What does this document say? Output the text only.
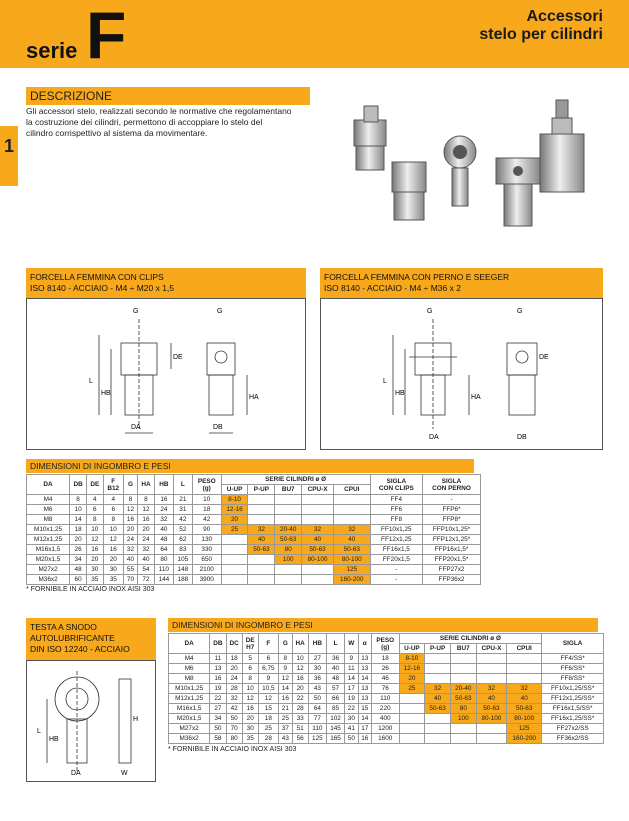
serie F	Accessori
stelo per cilindri
1
DESCRIZIONE
Gli accessori stelo, realizzati secondo le normative che regolamentano
la costruzione dei cilindri, permettono di accoppiare lo stelo del
cilindro corrispettivo al sistema da movimentare.
FORCELLA FEMMINA CON CLIPS
ISO 8140 - ACCIAIO - M4 ÷ M20 x 1,5
G	G
L
HB
DE
HA
DA	DB
FORCELLA FEMMINA CON PERNO E SEEGER
ISO 8140 - ACCIAIO - M4 ÷ M36 x 2
G	G
L
HB
DE
HA
DA	DB
DIMENSIONI DI INGOMBRO E PESI
DA	DB	DE	F
B12	G	HA	HB	L	PESO
(g)	SERIE CILINDRI ø Ø					SIGLA
CON CLIPS	SIGLA
CON PERNO
									U-UP	P-UP	BU7	CPU-X	CPUI		
M4	8	4	4	8	8	16	21	10	8-10					FF4	-
M6	10	6	6	12	12	24	31	18	12-16					FF6	FFP6*
M8	14	8	8	16	16	32	42	42	20					FF8	FFP8*
M10x1,25	18	10	10	20	20	40	52	90	25	32	20-40	32	32	FF10x1,25	FFP10x1,25*
M12x1,25	20	12	12	24	24	48	62	130		40	50-63	40	40	FF12x1,25	FFP12x1,25*
M16x1,5	26	16	16	32	32	64	83	330		50-63	80	50-63	50-63	FF16x1,5	FFP16x1,5*
M20x1,5	34	20	20	40	40	80	105	650			100	80-100	80-100	FF20x1,5	FFP20x1,5*
M27x2	48	30	30	55	54	110	148	2100					125	-	FFP27x2
M36x2	60	35	35	70	72	144	188	3900					160-200	-	FFP36x2
* FORNIBILE IN ACCIAIO INOX AISI 303
TESTA A SNODO
AUTOLUBRIFICANTE
DIN ISO 12240 - ACCIAIO
L
HB
DA
H
W
DIMENSIONI DI INGOMBRO E PESI
DA	DB	DC	DE
H7	F	G	HA	HB	L	W	α	PESO
(g)	SERIE CILINDRI ø Ø					SIGLA
												U-UP	P-UP	BU7	CPU-X	CPUI	
M4	11	18	5	6	8	10	27	36	9	13	18	8-10					FF4/SS*
M6	13	20	6	6,75	9	12	30	40	11	13	26	12-16					FF6/SS*
M8	16	24	8	9	12	16	36	48	14	14	46	20					FF8/SS*
M10x1,25	19	28	10	10,5	14	20	43	57	17	13	76	25	32	20-40	32	32	FF10x1,25/SS*
M12x1,25	22	32	12	12	16	22	50	66	19	13	110		40	50-63	40	40	FF12x1,25/SS*
M16x1,5	27	42	16	15	21	28	64	85	22	15	220		50-63	80	50-63	50-63	FF16x1,5/SS*
M20x1,5	34	50	20	18	25	33	77	102	30	14	400			100	80-100	80-100	FF16x1,25/SS*
M27x2	50	70	30	25	37	51	110	145	41	17	1200					125	FF27x2/SS
M36x2	58	80	35	28	43	56	125	165	50	16	1600					160-200	FF36x2/SS
* FORNIBILE IN ACCIAIO INOX AISI 303
